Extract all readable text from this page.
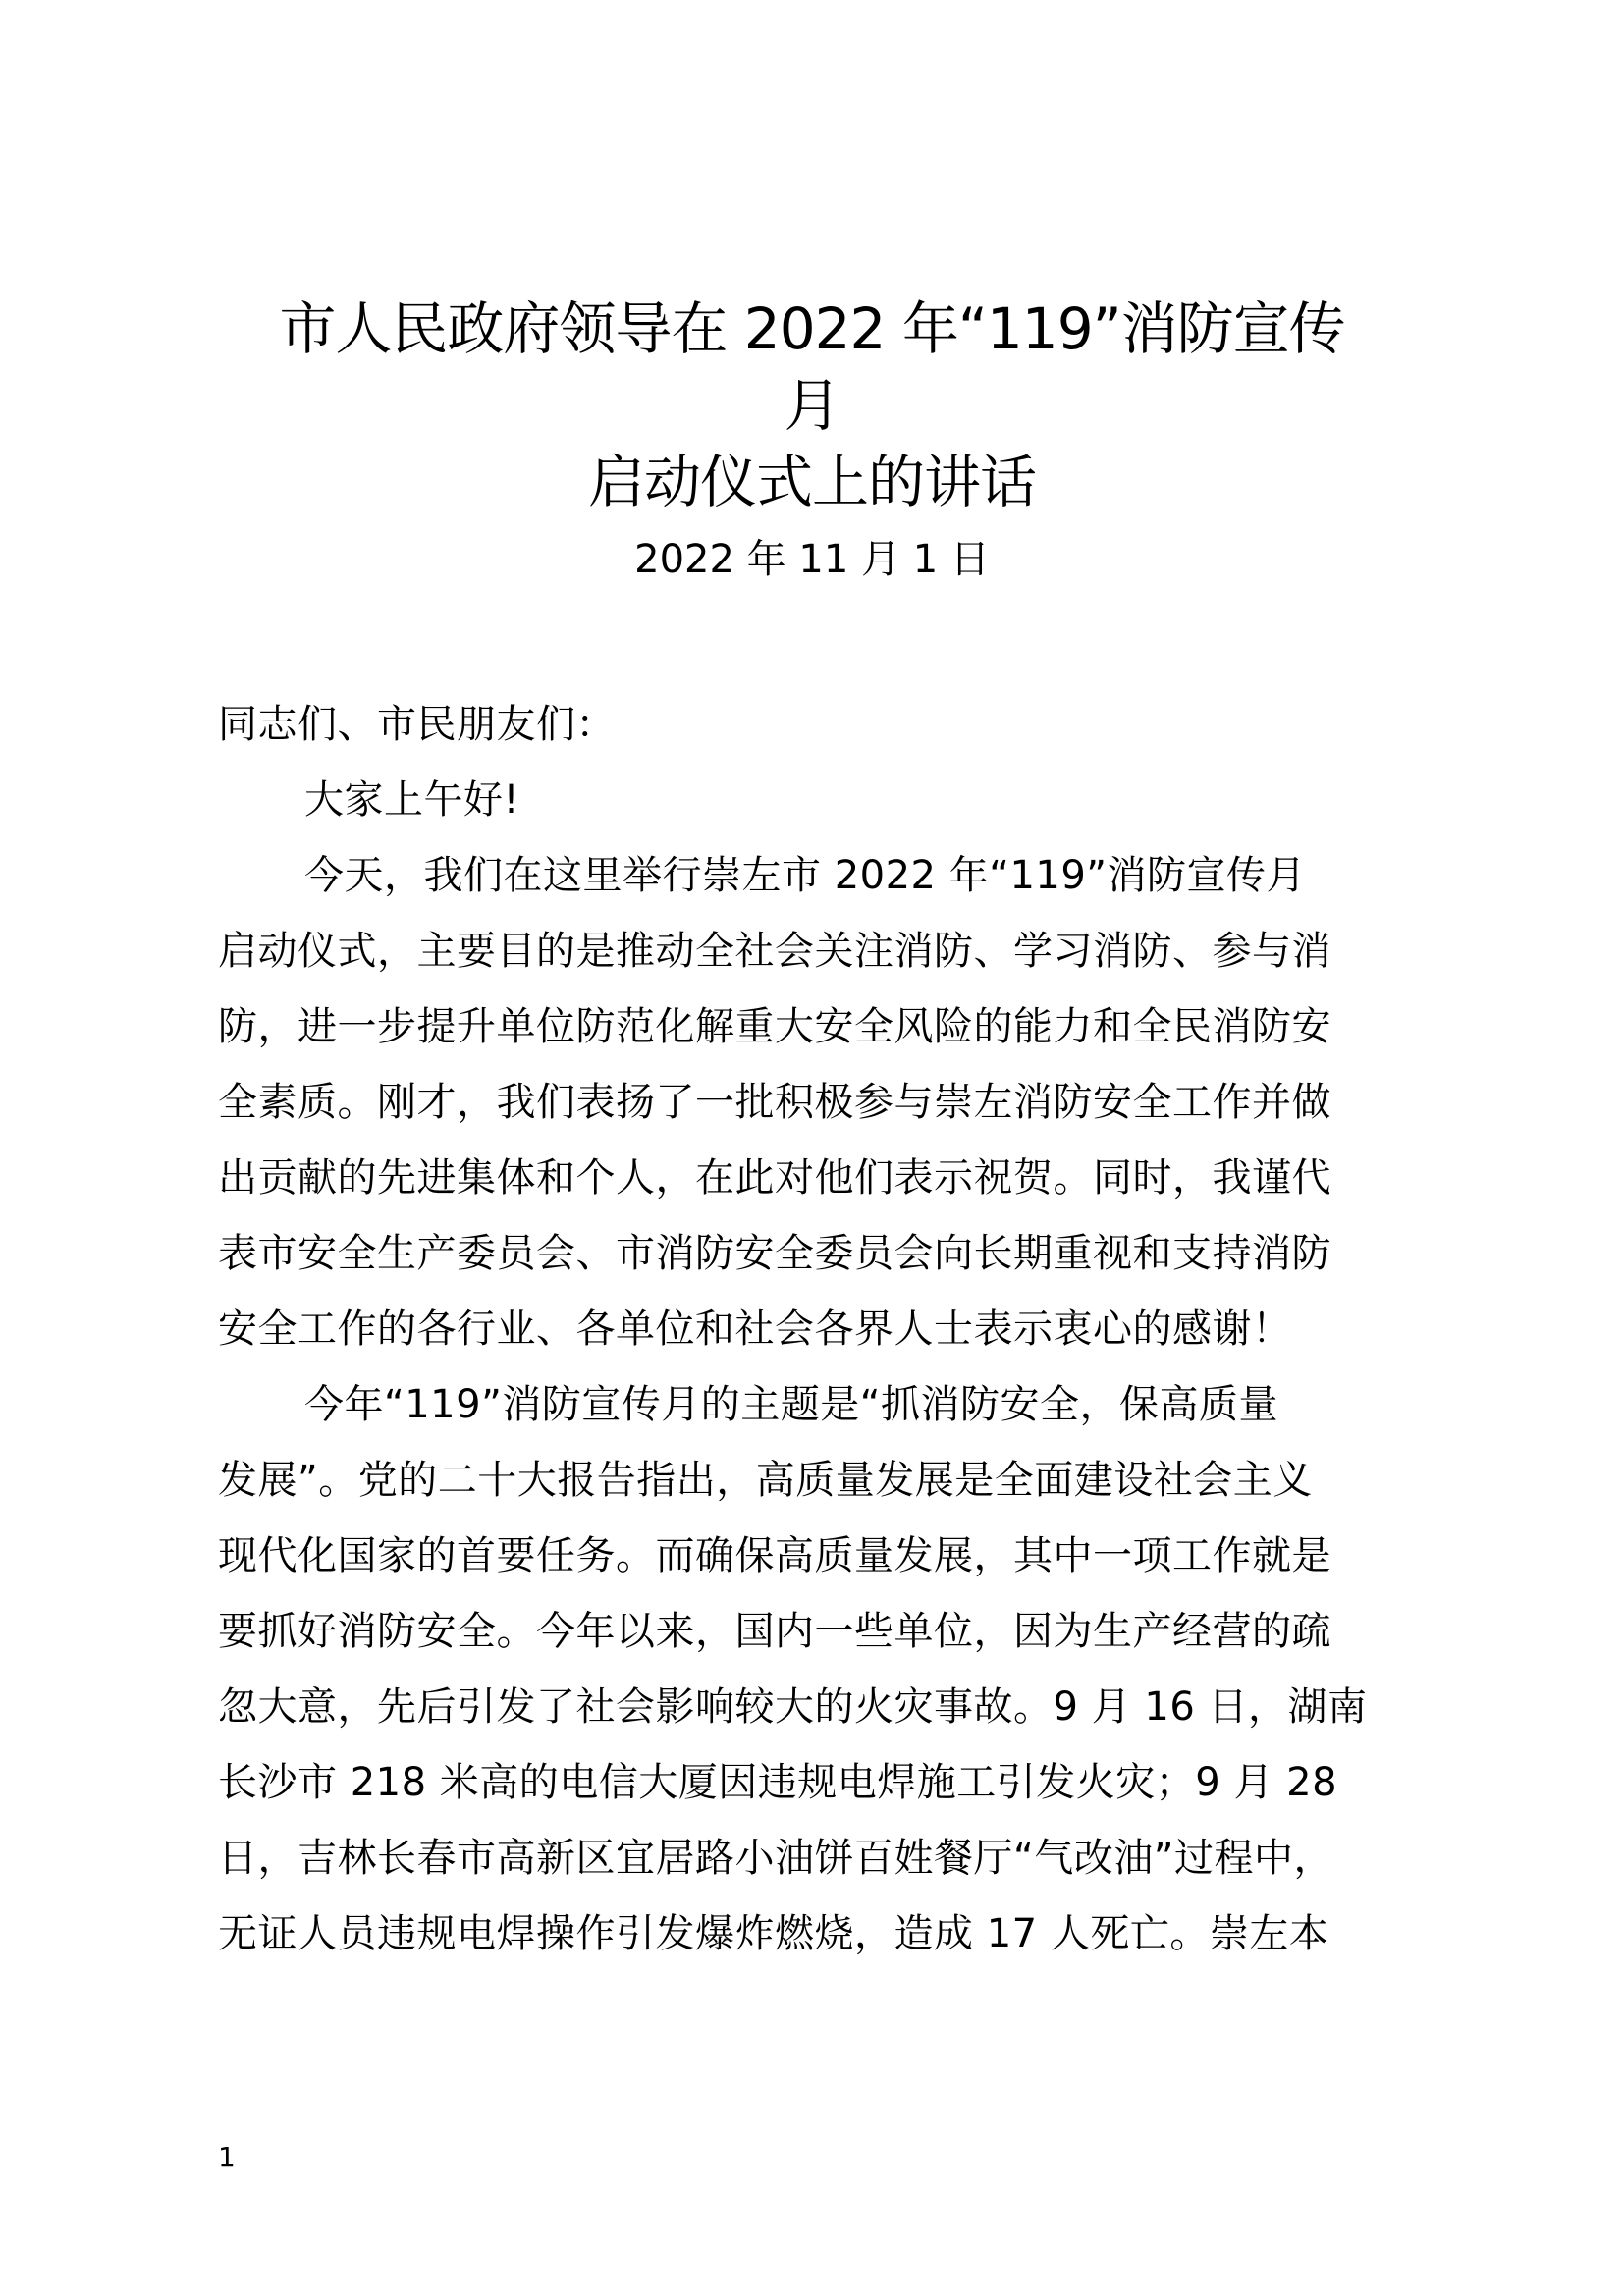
市人民政府领导在 2022 年“119”消防宣传
月
启动仪式上的讲话
2022 年 11 月 1 日
同志们、市民朋友们：
大家上午好!
今天，我们在这里举行崇左市 2022 年“119”消防宣传月
启动仪式，主要目的是推动全社会关注消防、学习消防、参与消
防，进一步提升单位防范化解重大安全风险的能力和全民消防安
全素质。刚才，我们表扬了一批积极参与崇左消防安全工作并做
出贡献的先进集体和个人，在此对他们表示祝贺。同时，我谨代
表市安全生产委员会、市消防安全委员会向长期重视和支持消防
安全工作的各行业、各单位和社会各界人士表示衷心的感谢！
今年“119”消防宣传月的主题是“抓消防安全，保高质量
发展”。党的二十大报告指出，高质量发展是全面建设社会主义
现代化国家的首要任务。而确保高质量发展，其中一项工作就是
要抓好消防安全。今年以来，国内一些单位，因为生产经营的疏
忽大意，先后引发了社会影响较大的火灾事故。9 月 16 日，湖南
长沙市 218 米高的电信大厦因违规电焊施工引发火灾；9 月 28
日，吉林长春市高新区宜居路小油饼百姓餐厅“气改油”过程中，
无证人员违规电焊操作引发爆炸燃烧，造成 17 人死亡。崇左本
1
